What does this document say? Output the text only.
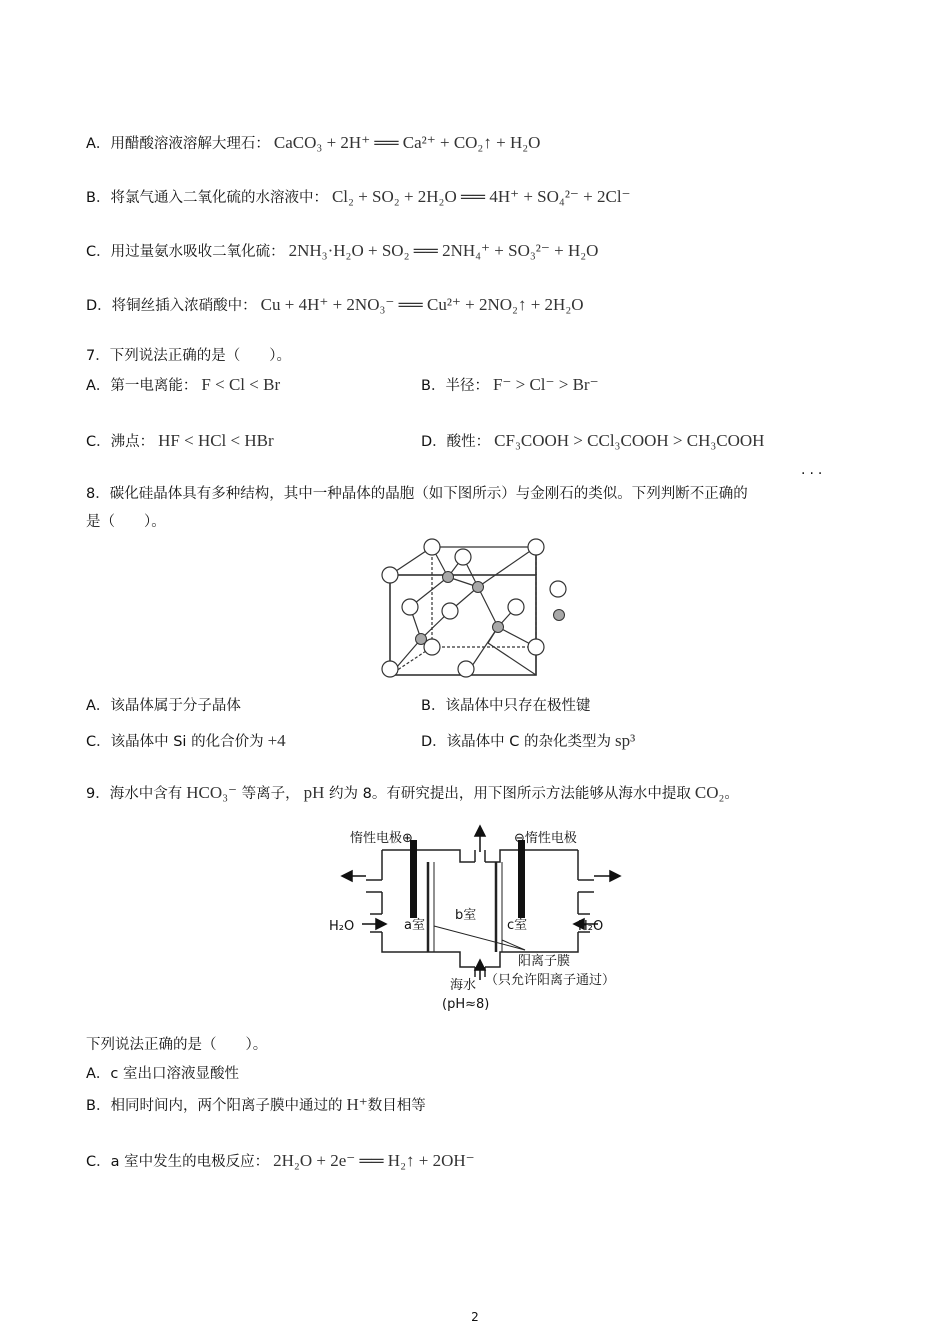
A．用醋酸溶液溶解大理石： CaCO₃ + 2H⁺ ══ Ca²⁺ + CO₂↑ + H₂O
B．将氯气通入二氧化硫的水溶液中： Cl₂ + SO₂ + 2H₂O ══ 4H⁺ + SO₄²⁻ + 2Cl⁻
C．用过量氨水吸收二氧化硫： 2NH₃·H₂O + SO₂ ══ 2NH₄⁺ + SO₃²⁻ + H₂O
D．将铜丝插入浓硝酸中： Cu + 4H⁺ + 2NO₃⁻ ══ Cu²⁺ + 2NO₂↑ + 2H₂O
7．下列说法正确的是（　　）。
A．第一电离能： F < Cl < Br	B．半径： F⁻ > Cl⁻ > Br⁻
C．沸点： HF < HCl < HBr	D．酸性： CF₃COOH > CCl₃COOH > CH₃COOH
···
8．碳化硅晶体具有多种结构，其中一种晶体的晶胞（如下图所示）与金刚石的类似。下列判断不正确的
是（　　）。
A．该晶体属于分子晶体	B．该晶体中只存在极性键
C．该晶体中 Si 的化合价为 +4	D．该晶体中 C 的杂化类型为 sp³
9．海水中含有 HCO₃⁻ 等离子， pH 约为 8。有研究提出，用下图所示方法能够从海水中提取 CO₂。
惰性电极⊕	⊖惰性电极
H₂O	H₂O
a室
b室
c室
阳离子膜
（只允许阳离子通过）
海水
(pH≈8)
下列说法正确的是（　　）。
A．c 室出口溶液显酸性
B．相同时间内，两个阳离子膜中通过的 H⁺数目相等
C．a 室中发生的电极反应： 2H₂O + 2e⁻ ══ H₂↑ + 2OH⁻
2
